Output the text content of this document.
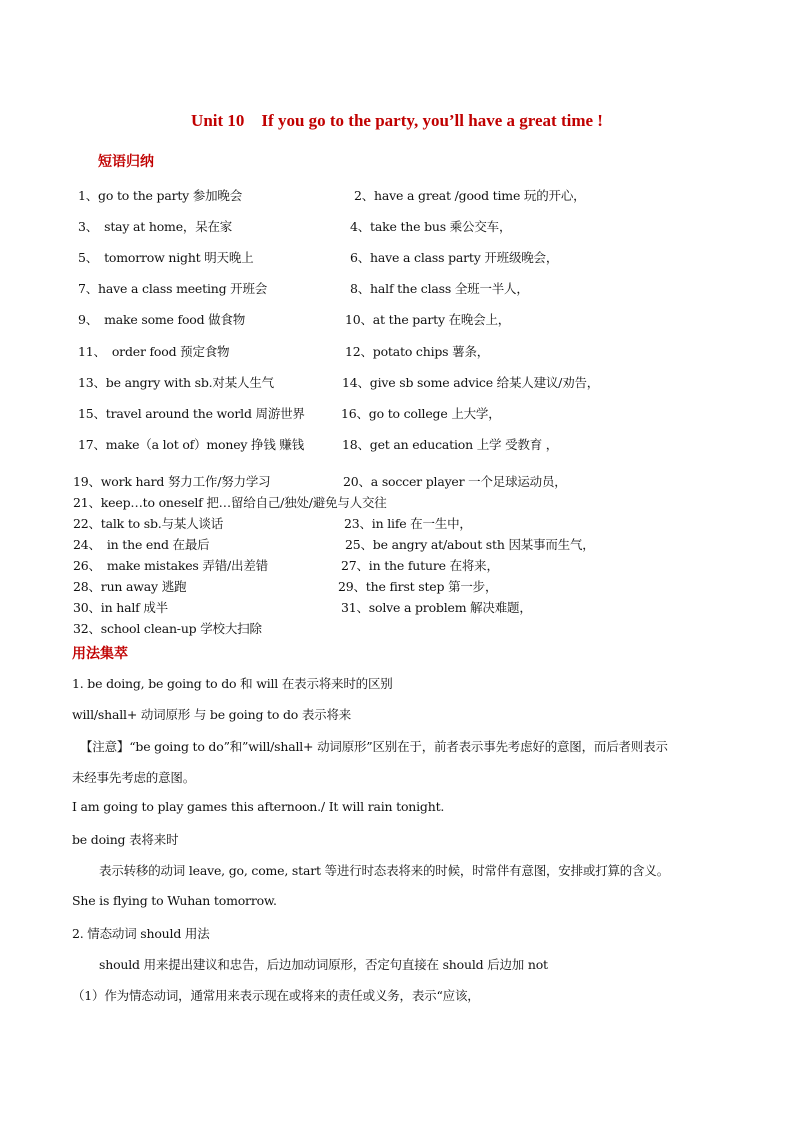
Unit 10　If you go to the party, you’ll have a great time !
短语归纳
1、go to the party 参加晚会	2、have a great /good time 玩的开心，
3、　stay at home，呆在家	4、take the bus 乘公交车，
5、　tomorrow night 明天晚上	6、have a class party 开班级晚会，
7、have a class meeting 开班会	8、half the class 全班一半人，
9、　make some food 做食物	10、at the party 在晚会上，
11、　order food 预定食物	12、potato chips 薯条，
13、be angry with sb.对某人生气	14、give sb some advice 给某人建议/劝告，
15、travel around the world 周游世界	16、go to college 上大学，
17、make（a lot of）money 挣钱 赚钱	18、get an education 上学 受教育 ，
19、work hard 努力工作/努力学习	20、a soccer player 一个足球运动员，
21、keep…to oneself 把…留给自己/独处/避免与人交往
22、talk to sb.与某人谈话	23、in life 在一生中，
24、　in the end 在最后	25、be angry at/about sth 因某事而生气，
26、　make mistakes 弄错/出差错	27、in the future 在将来，
28、run away 逃跑	29、the first step 第一步，
30、in half 成半	31、solve a problem 解决难题，
32、school clean-up 学校大扫除
用法集萃
1. be doing, be going to do 和 will 在表示将来时的区别
will/shall+ 动词原形 与 be going to do 表示将来
【注意】“be going to do”和”will/shall+ 动词原形”区别在于，前者表示事先考虑好的意图，而后者则表示
未经事先考虑的意图。
I am going to play games this afternoon./ It will rain tonight.
be doing 表将来时
表示转移的动词 leave, go, come, start 等进行时态表将来的时候，时常伴有意图，安排或打算的含义。
She is flying to Wuhan tomorrow.
2. 情态动词 should 用法
should 用来提出建议和忠告，后边加动词原形，否定句直接在 should 后边加 not
（1）作为情态动词，通常用来表示现在或将来的责任或义务，表示“应该，
